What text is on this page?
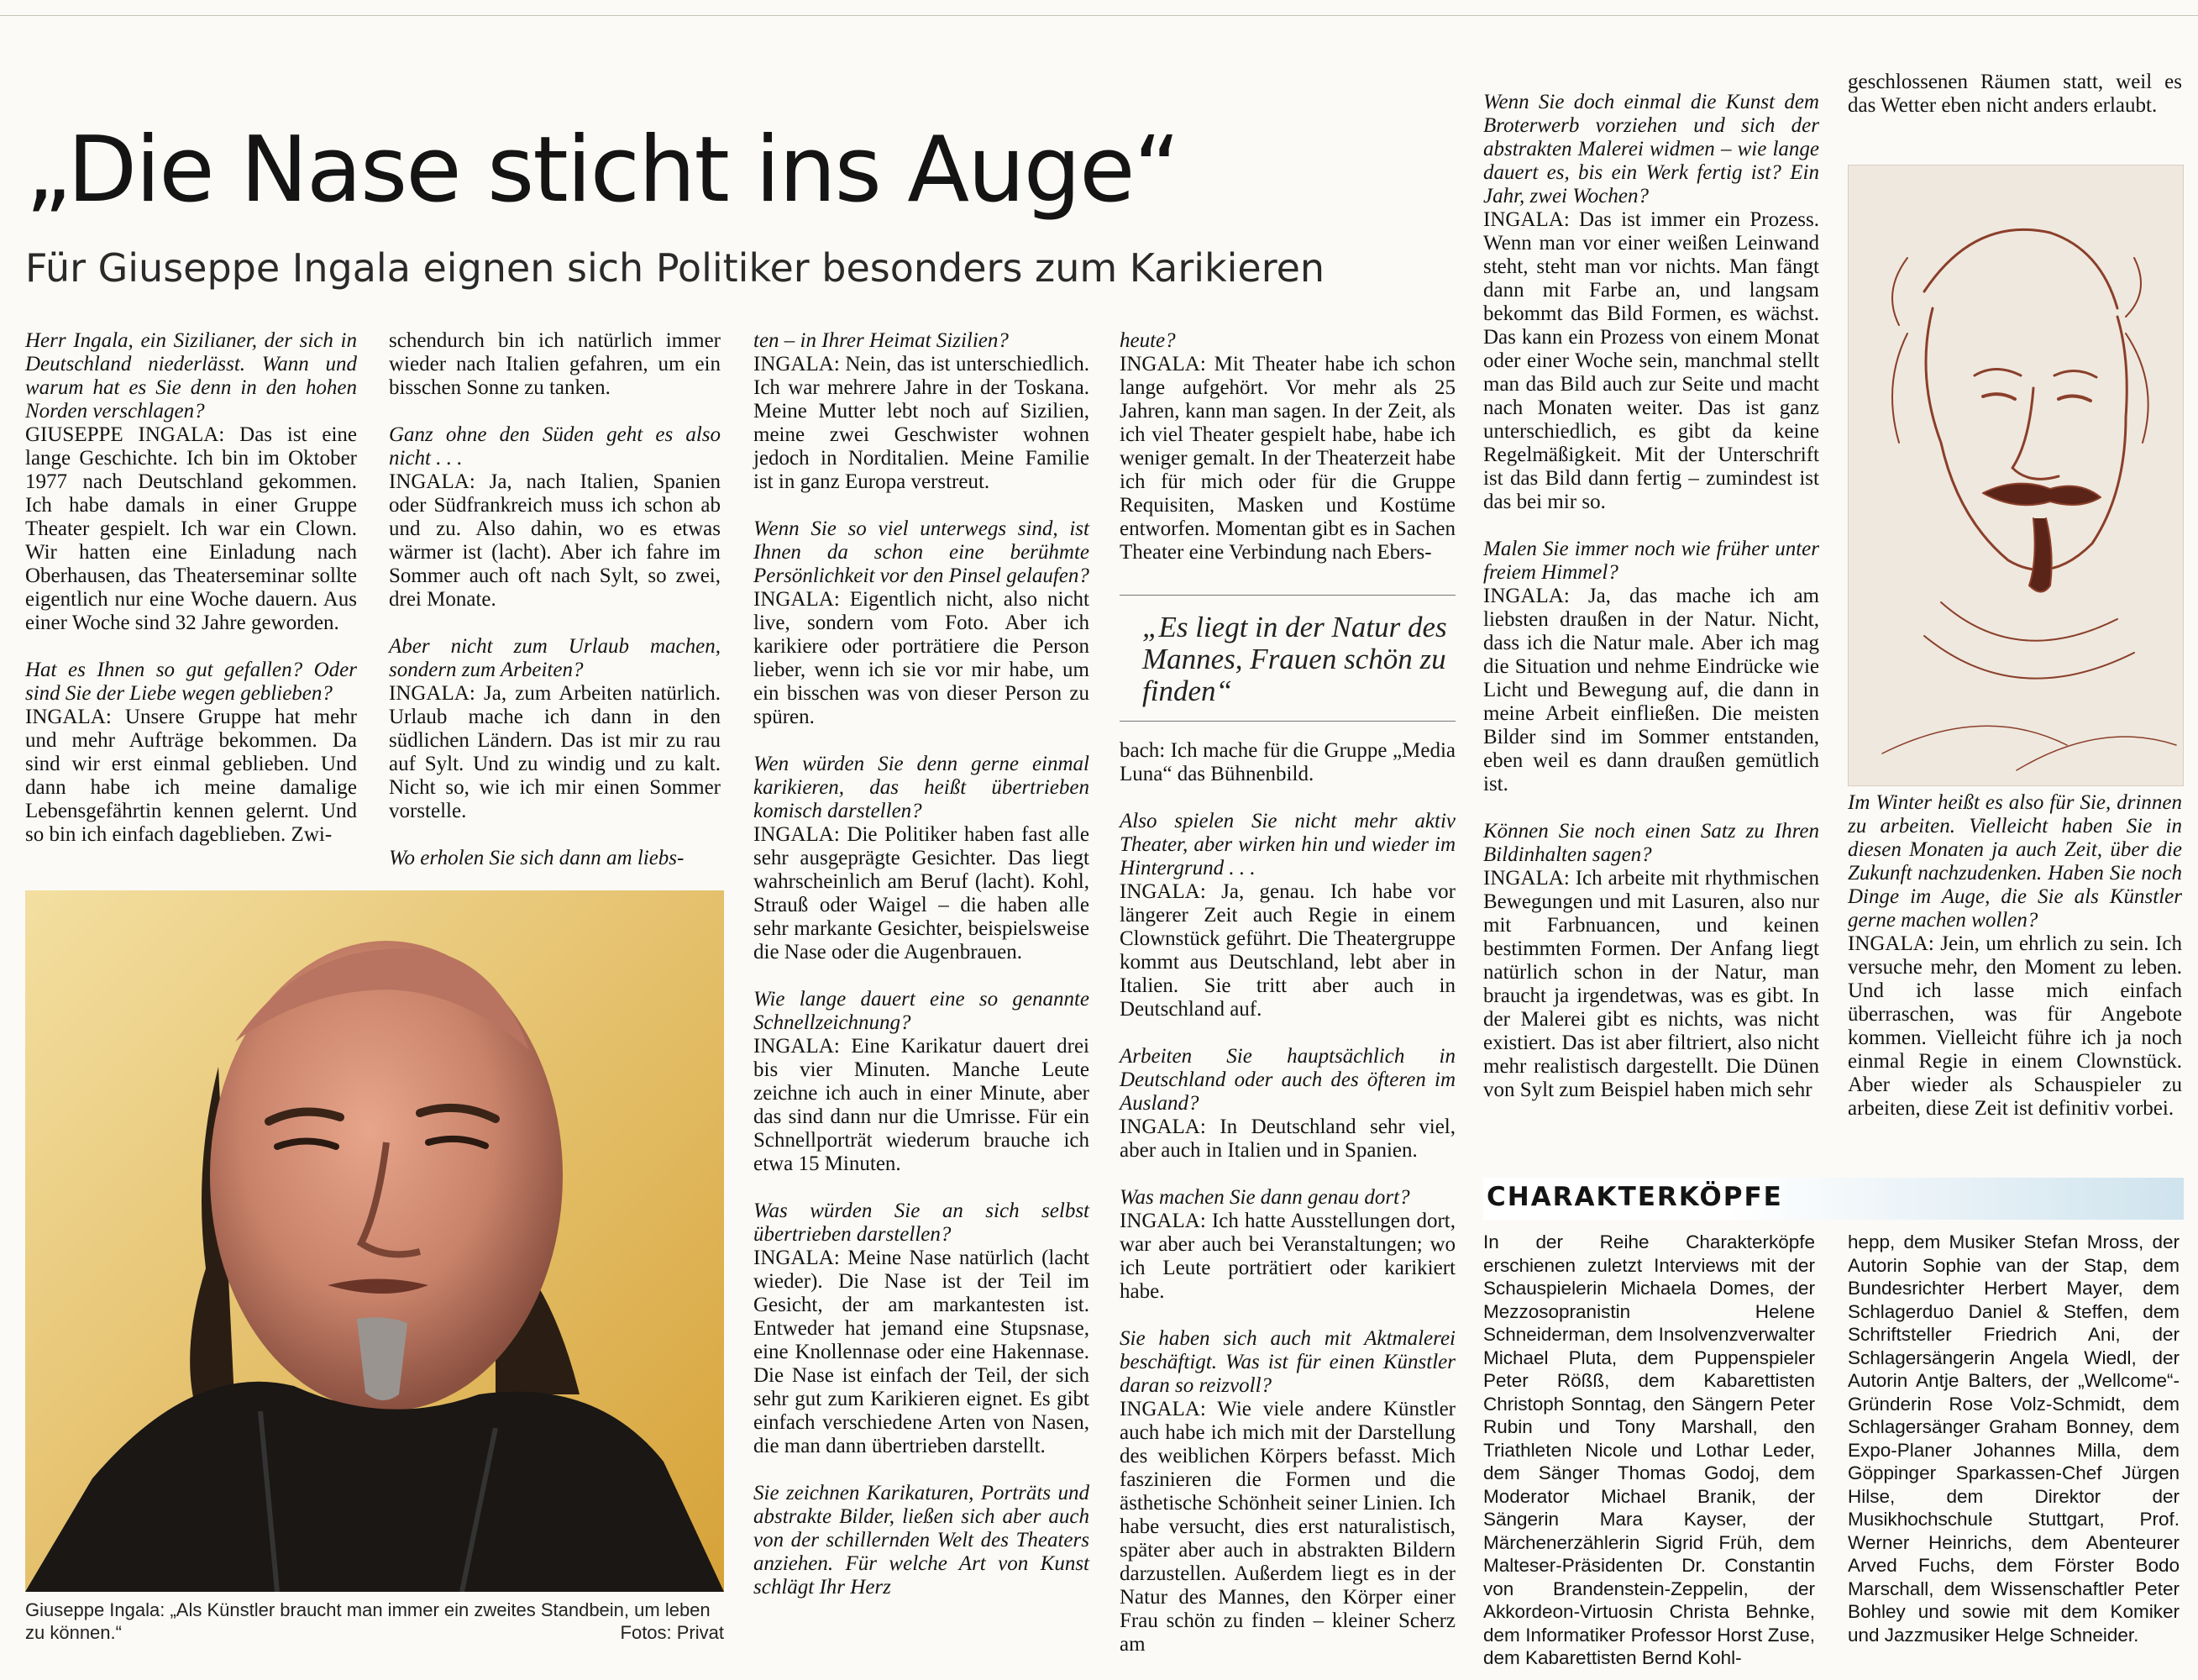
„Die Nase sticht ins Auge“
Für Giuseppe Ingala eignen sich Politiker besonders zum Karikieren

Herr Ingala, ein Sizilianer, der sich in Deutschland niederlässt. Wann und warum hat es Sie denn in den hohen Norden verschlagen?

GIUSEPPE INGALA: Das ist eine lange Geschichte. Ich bin im Oktober 1977 nach Deutschland gekommen. Ich habe damals in einer Gruppe Theater gespielt. Ich war ein Clown. Wir hatten eine Einladung nach Oberhausen, das Theaterseminar sollte eigentlich nur eine Woche dauern. Aus einer Woche sind 32 Jahre geworden.

Hat es Ihnen so gut gefallen? Oder sind Sie der Liebe wegen geblieben?

INGALA: Unsere Gruppe hat mehr und mehr Aufträge bekommen. Da sind wir erst einmal geblieben. Und dann habe ich meine damalige Lebensgefährtin kennen gelernt. Und so bin ich einfach dageblieben. Zwi-

schendurch bin ich natürlich immer wieder nach Italien gefahren, um ein bisschen Sonne zu tanken.

Ganz ohne den Süden geht es also nicht . . .

INGALA: Ja, nach Italien, Spanien oder Südfrankreich muss ich schon ab und zu. Also dahin, wo es etwas wärmer ist (lacht). Aber ich fahre im Sommer auch oft nach Sylt, so zwei, drei Monate.

Aber nicht zum Urlaub machen, sondern zum Arbeiten?

INGALA: Ja, zum Arbeiten natürlich. Urlaub mache ich dann in den südlichen Ländern. Das ist mir zu rau auf Sylt. Und zu windig und zu kalt. Nicht so, wie ich mir einen Sommer vorstelle.

Wo erholen Sie sich dann am liebs-

ten – in Ihrer Heimat Sizilien?

INGALA: Nein, das ist unterschiedlich. Ich war mehrere Jahre in der Toskana. Meine Mutter lebt noch auf Sizilien, meine zwei Geschwister wohnen jedoch in Norditalien. Meine Familie ist in ganz Europa verstreut.

Wenn Sie so viel unterwegs sind, ist Ihnen da schon eine berühmte Persönlichkeit vor den Pinsel gelaufen?

INGALA: Eigentlich nicht, also nicht live, sondern vom Foto. Aber ich karikiere oder porträtiere die Person lieber, wenn ich sie vor mir habe, um ein bisschen was von dieser Person zu spüren.

Wen würden Sie denn gerne einmal karikieren, das heißt übertrieben komisch darstellen?

INGALA: Die Politiker haben fast alle sehr ausgeprägte Gesichter. Das liegt wahrscheinlich am Beruf (lacht). Kohl, Strauß oder Waigel – die haben alle sehr markante Gesichter, beispielsweise die Nase oder die Augenbrauen.

Wie lange dauert eine so genannte Schnellzeichnung?

INGALA: Eine Karikatur dauert drei bis vier Minuten. Manche Leute zeichne ich auch in einer Minute, aber das sind dann nur die Umrisse. Für ein Schnellporträt wiederum brauche ich etwa 15 Minuten.

Was würden Sie an sich selbst übertrieben darstellen?

INGALA: Meine Nase natürlich (lacht wieder). Die Nase ist der Teil im Gesicht, der am markantesten ist. Entweder hat jemand eine Stupsnase, eine Knollennase oder eine Hakennase. Die Nase ist einfach der Teil, der sich sehr gut zum Karikieren eignet. Es gibt einfach verschiedene Arten von Nasen, die man dann übertrieben darstellt.

Sie zeichnen Karikaturen, Porträts und abstrakte Bilder, ließen sich aber auch von der schillernden Welt des Theaters anziehen. Für welche Art von Kunst schlägt Ihr Herz

heute?

INGALA: Mit Theater habe ich schon lange aufgehört. Vor mehr als 25 Jahren, kann man sagen. In der Zeit, als ich viel Theater gespielt habe, habe ich weniger gemalt. In der Theaterzeit habe ich für mich oder für die Gruppe Requisiten, Masken und Kostüme entworfen. Momentan gibt es in Sachen Theater eine Verbindung nach Ebers-

„Es liegt in der Natur des Mannes, Frauen schön zu finden“

bach: Ich mache für die Gruppe „Media Luna“ das Bühnenbild.

Also spielen Sie nicht mehr aktiv Theater, aber wirken hin und wieder im Hintergrund . . .

INGALA: Ja, genau. Ich habe vor längerer Zeit auch Regie in einem Clownstück geführt. Die Theatergruppe kommt aus Deutschland, lebt aber in Italien. Sie tritt aber auch in Deutschland auf.

Arbeiten Sie hauptsächlich in Deutschland oder auch des öfteren im Ausland?

INGALA: In Deutschland sehr viel, aber auch in Italien und in Spanien.

Was machen Sie dann genau dort?

INGALA: Ich hatte Ausstellungen dort, war aber auch bei Veranstaltungen; wo ich Leute porträtiert oder karikiert habe.

Sie haben sich auch mit Aktmalerei beschäftigt. Was ist für einen Künstler daran so reizvoll?

INGALA: Wie viele andere Künstler auch habe ich mich mit der Darstellung des weiblichen Körpers befasst. Mich faszinieren die Formen und die ästhetische Schönheit seiner Linien. Ich habe versucht, dies erst naturalistisch, später aber auch in abstrakten Bildern darzustellen. Außerdem liegt es in der Natur des Mannes, den Körper einer Frau schön zu finden – kleiner Scherz am

Wenn Sie doch einmal die Kunst dem Broterwerb vorziehen und sich der abstrakten Malerei widmen – wie lange dauert es, bis ein Werk fertig ist? Ein Jahr, zwei Wochen?

INGALA: Das ist immer ein Prozess. Wenn man vor einer weißen Leinwand steht, steht man vor nichts. Man fängt dann mit Farbe an, und langsam bekommt das Bild Formen, es wächst. Das kann ein Prozess von einem Monat oder einer Woche sein, manchmal stellt man das Bild auch zur Seite und macht nach Monaten weiter. Das ist ganz unterschiedlich, es gibt da keine Regelmäßigkeit. Mit der Unterschrift ist das Bild dann fertig – zumindest ist das bei mir so.

Malen Sie immer noch wie früher unter freiem Himmel?

INGALA: Ja, das mache ich am liebsten draußen in der Natur. Nicht, dass ich die Natur male. Aber ich mag die Situation und nehme Eindrücke wie Licht und Bewegung auf, die dann in meine Arbeit einfließen. Die meisten Bilder sind im Sommer entstanden, eben weil es dann draußen gemütlich ist.

Können Sie noch einen Satz zu Ihren Bildinhalten sagen?

INGALA: Ich arbeite mit rhythmischen Bewegungen und mit Lasuren, also nur mit Farbnuancen, und keinen bestimmten Formen. Der Anfang liegt natürlich schon in der Natur, man braucht ja irgendetwas, was es gibt. In der Malerei gibt es nichts, was nicht existiert. Das ist aber filtriert, also nicht mehr realistisch dargestellt. Die Dünen von Sylt zum Beispiel haben mich sehr

geschlossenen Räumen statt, weil es das Wetter eben nicht anders erlaubt.

Im Winter heißt es also für Sie, drinnen zu arbeiten. Vielleicht haben Sie in diesen Monaten ja auch Zeit, über die Zukunft nachzudenken. Haben Sie noch Dinge im Auge, die Sie als Künstler gerne machen wollen?

INGALA: Jein, um ehrlich zu sein. Ich versuche mehr, den Moment zu leben. Und ich lasse mich einfach überraschen, was für Angebote kommen. Vielleicht führe ich ja noch einmal Regie in einem Clownstück. Aber wieder als Schauspieler zu arbeiten, diese Zeit ist definitiv vorbei.

Giuseppe Ingala: „Als Künstler braucht man immer ein zweites Standbein, um leben zu können.“	Fotos: Privat
CHARAKTERKÖPFE
In der Reihe Charakterköpfe erschienen zuletzt Interviews mit der Schauspielerin Michaela Domes, der Mezzosopranistin Helene Schneiderman, dem Insolvenzverwalter Michael Pluta, dem Puppenspieler Peter Rößß, dem Kabarettisten Christoph Sonntag, den Sängern Peter Rubin und Tony Marshall, den Triathleten Nicole und Lothar Leder, dem Sänger Thomas Godoj, dem Moderator Michael Branik, der Sängerin Mara Kayser, der Märchenerzählerin Sigrid Früh, dem Malteser-Präsidenten Dr. Constantin von Brandenstein-Zeppelin, der Akkordeon-Virtuosin Christa Behnke, dem Informatiker Professor Horst Zuse, dem Kabarettisten Bernd Kohl-
hepp, dem Musiker Stefan Mross, der Autorin Sophie van der Stap, dem Bundesrichter Herbert Mayer, dem Schlagerduo Daniel & Steffen, dem Schriftsteller Friedrich Ani, der Schlagersängerin Angela Wiedl, der Autorin Antje Balters, der „Wellcome“-Gründerin Rose Volz-Schmidt, dem Schlagersänger Graham Bonney, dem Expo-Planer Johannes Milla, dem Göppinger Sparkassen-Chef Jürgen Hilse, dem Direktor der Musikhochschule Stuttgart, Prof. Werner Heinrichs, dem Abenteurer Arved Fuchs, dem Förster Bodo Marschall, dem Wissenschaftler Peter Bohley und sowie mit dem Komiker und Jazzmusiker Helge Schneider.
